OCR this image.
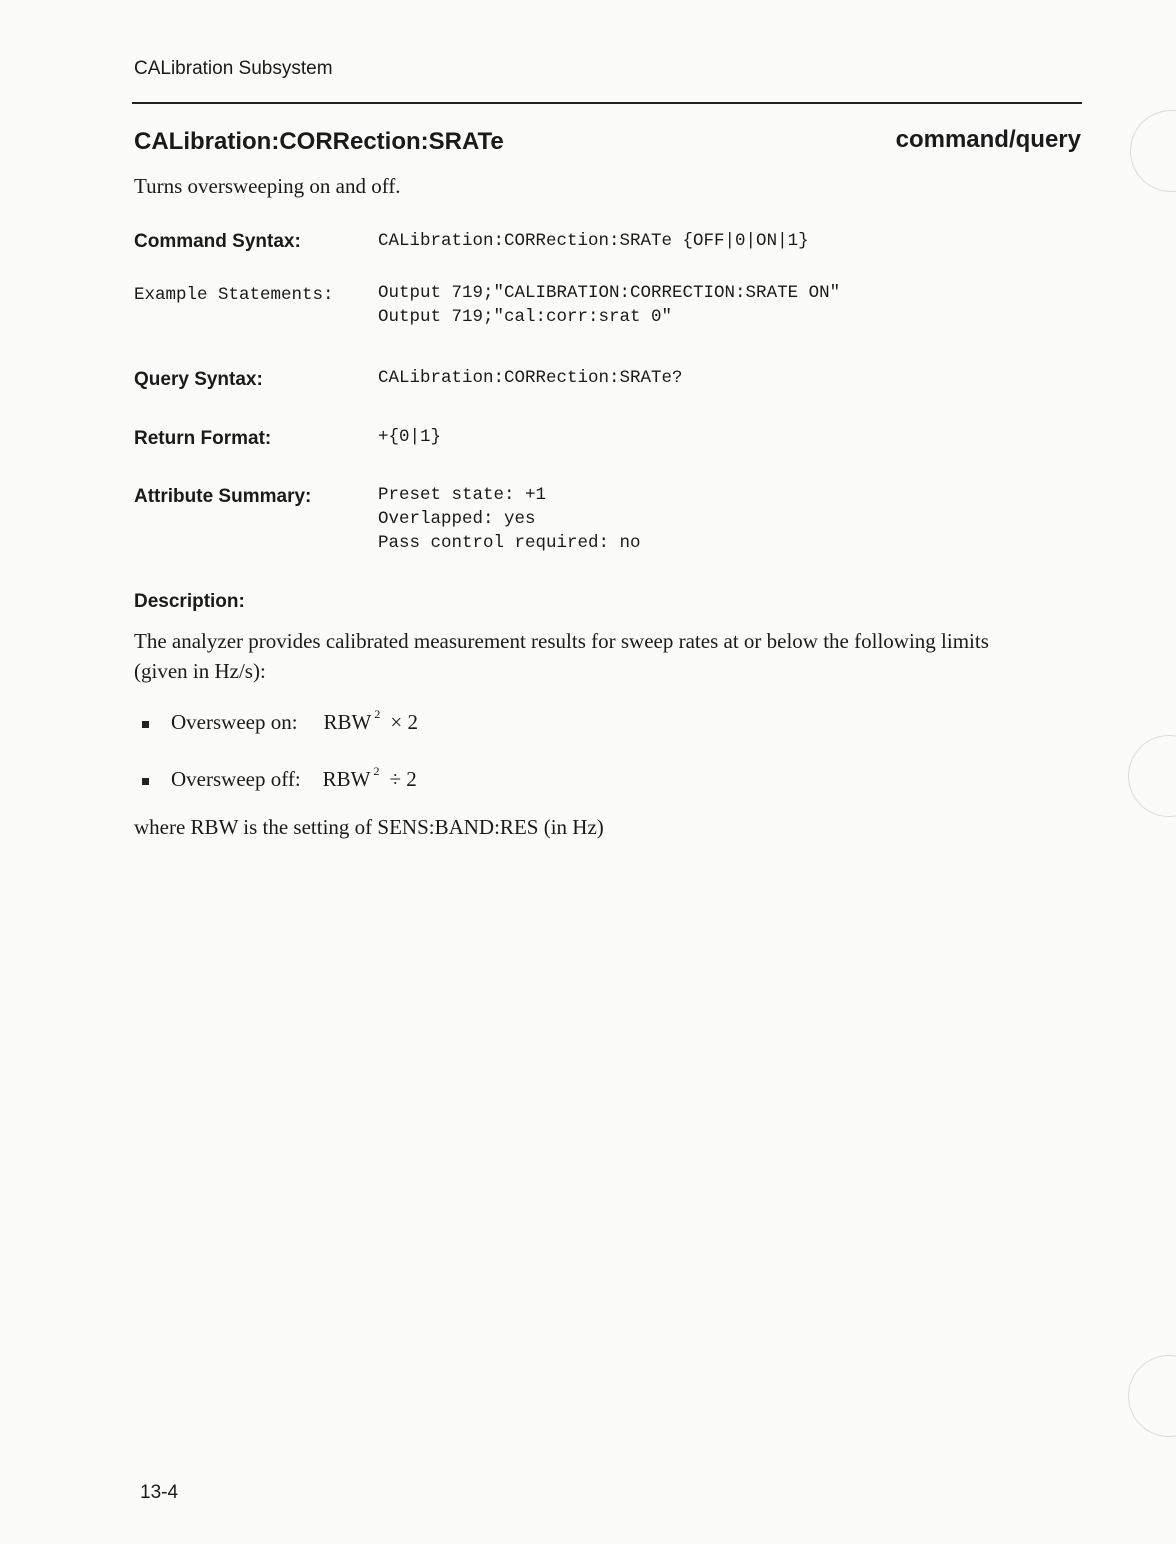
CALibration Subsystem
CALibration:CORRection:SRATe	command/query
Turns oversweeping on and off.
Command Syntax:	CALibration:CORRection:SRATe {OFF|0|ON|1}
Example Statements:	Output 719;"CALIBRATION:CORRECTION:SRATE ON"
Output 719;"cal:corr:srat 0"
Query Syntax:	CALibration:CORRection:SRATe?
Return Format:	+{0|1}
Attribute Summary:	Preset state: +1
Overlapped: yes
Pass control required: no
Description:
The analyzer provides calibrated measurement results for sweep rates at or below the following limits (given in Hz/s):
Oversweep on: RBW $^2$ × 2
Oversweep off: RBW $^2$ ÷ 2
where RBW is the setting of SENS:BAND:RES (in Hz)
13-4
